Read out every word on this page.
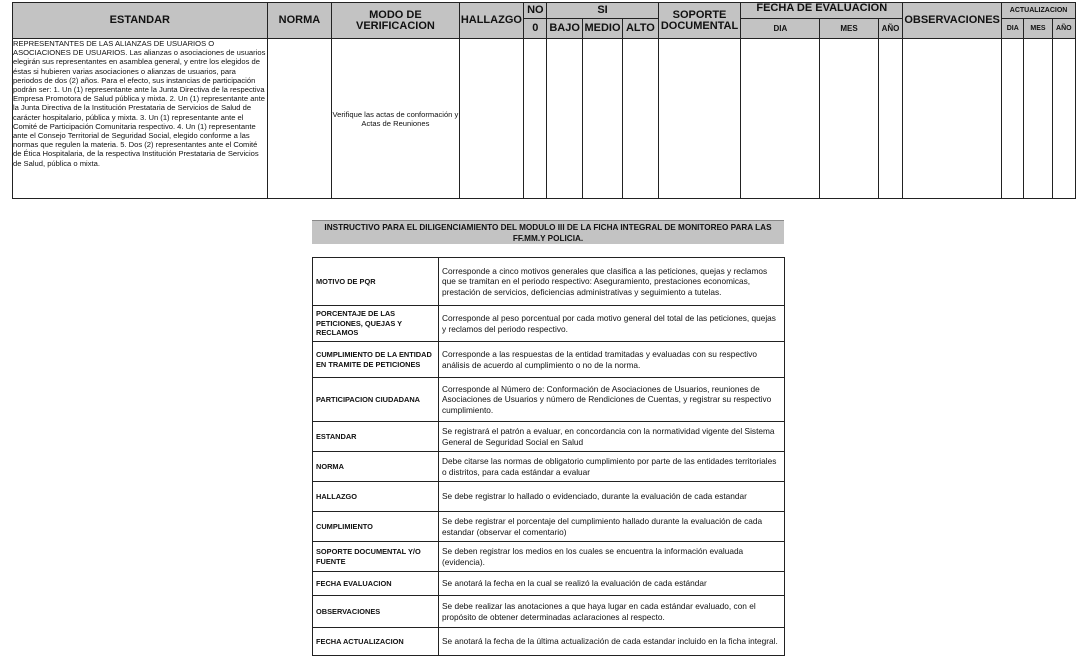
ESTANDAR	NORMA	MODO DE VERIFICACION	HALLAZGO	NO	SI			SOPORTE DOCUMENTAL	FECHA DE EVALUACION			OBSERVACIONES	ACTUALIZACION		
				0	BAJO	MEDIO	ALTO		DIA	MES	AÑO		DIA	MES	AÑO
REPRESENTANTES DE LAS ALIANZAS DE USUARIOS O ASOCIACIONES DE USUARIOS. Las alianzas o asociaciones de usuarios elegirán sus representantes en asamblea general, y entre los elegidos de éstas si hubieren varias asociaciones o alianzas de usuarios, para periodos de dos (2) años. Para el efecto, sus instancias de participación podrán ser: 1. Un (1) representante ante la Junta Directiva de la respectiva Empresa Promotora de Salud pública y mixta. 2. Un (1) representante ante la Junta Directiva de la Institución Prestataria de Servicios de Salud de carácter hospitalario, pública y mixta. 3. Un (1) representante ante el Comité de Participación Comunitaria respectivo. 4. Un (1) representante ante el Consejo Territorial de Seguridad Social, elegido conforme a las normas que regulen la materia. 5. Dos (2) representantes ante el Comité de Ética Hospitalaria, de la respectiva Institución Prestataria de Servicios de Salud, pública o mixta.		Verifique las actas de conformación y Actas de Reuniones													
INSTRUCTIVO PARA EL DILIGENCIAMIENTO DEL MODULO III DE LA FICHA INTEGRAL DE MONITOREO PARA LAS FF.MM.Y POLICIA.
MOTIVO DE PQR	Corresponde a cinco motivos generales que clasifica a las peticiones, quejas y reclamos que se tramitan en el periodo respectivo: Aseguramiento, prestaciones economicas, prestación de servicios, deficiencias administrativas y seguimiento a tutelas.
PORCENTAJE DE LAS PETICIONES, QUEJAS Y RECLAMOS	Corresponde al peso porcentual por cada motivo general del total de las peticiones, quejas y reclamos del periodo respectivo.
CUMPLIMIENTO DE LA ENTIDAD EN TRAMITE DE PETICIONES	Corresponde a las respuestas de la entidad tramitadas y evaluadas con su respectivo análisis de acuerdo al cumplimiento o no de la norma.
PARTICIPACION CIUDADANA	Corresponde al Número de: Conformación de Asociaciones de Usuarios, reuniones de Asociaciones de Usuarios y número de Rendiciones de Cuentas, y registrar su respectivo cumplimiento.
ESTANDAR	Se registrará el patrón a evaluar, en concordancia con la normatividad vigente del Sistema General de Seguridad Social en Salud
NORMA	Debe citarse las normas de obligatorio cumplimiento por parte de las entidades territoriales o distritos, para cada estándar a evaluar
HALLAZGO	Se debe registrar lo hallado o evidenciado, durante la evaluación de cada estandar
CUMPLIMIENTO	Se debe registrar el porcentaje del cumplimiento hallado durante la evaluación de cada estandar (observar el comentario)
SOPORTE DOCUMENTAL Y/O FUENTE	Se deben registrar los medios en los cuales se encuentra la información evaluada (evidencia).
FECHA EVALUACION	Se anotará la fecha en la cual se realizó la evaluación de cada estándar
OBSERVACIONES	Se debe realizar las anotaciones a que haya lugar en cada estándar evaluado, con el propósito de obtener determinadas aclaraciones al respecto.
FECHA ACTUALIZACION	Se anotará la fecha de la última actualización de cada estandar incluido en la ficha integral.
